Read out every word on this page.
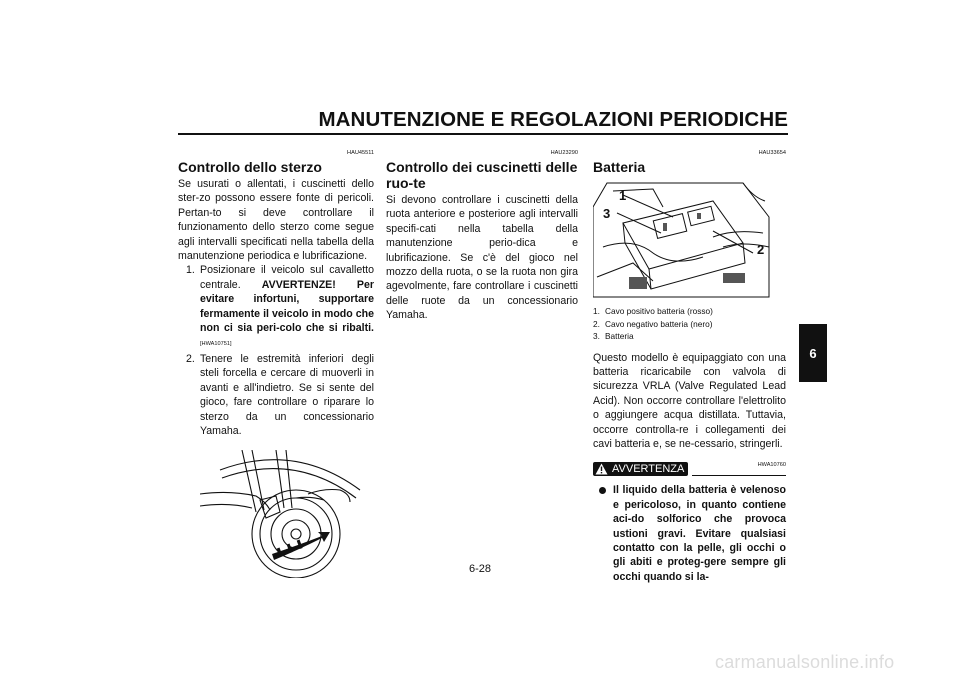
MANUTENZIONE E REGOLAZIONI PERIODICHE
HAU45511
Controllo dello sterzo

Se usurati o allentati, i cuscinetti dello ster-zo possono essere fonte di pericoli. Pertan-to si deve controllare il funzionamento dello sterzo come segue agli intervalli specificati nella tabella della manutenzione periodica e lubrificazione.

1. Posizionare il veicolo sul cavalletto centrale. AVVERTENZE! Per evitare infortuni, supportare fermamente il veicolo in modo che non ci sia peri-colo che si ribalti. [HWA10751]
2. Tenere le estremità inferiori degli steli forcella e cercare di muoverli in avanti e all'indietro. Se si sente del gioco, fare controllare o riparare lo sterzo da un concessionario Yamaha.
HAU23290
Controllo dei cuscinetti delle ruo-te

Si devono controllare i cuscinetti della ruota anteriore e posteriore agli intervalli specifi-cati nella tabella della manutenzione perio-dica e lubrificazione. Se c'è del gioco nel mozzo della ruota, o se la ruota non gira agevolmente, fare controllare i cuscinetti delle ruote da un concessionario Yamaha.

HAU33654
Batteria
1
2
3
1. Cavo positivo batteria (rosso)
2. Cavo negativo batteria (nero)
3. Batteria

Questo modello è equipaggiato con una batteria ricaricabile con valvola di sicurezza VRLA (Valve Regulated Lead Acid). Non occorre controllare l'elettrolito o aggiungere acqua distillata. Tuttavia, occorre controlla-re i collegamenti dei cavi batteria e, se ne-cessario, stringerli.

AVVERTENZA	HWA10760
Il liquido della batteria è velenoso e pericoloso, in quanto contiene aci-do solforico che provoca ustioni gravi. Evitare qualsiasi contatto con la pelle, gli occhi o gli abiti e proteg-gere sempre gli occhi quando si la-
6
6-28
carmanualsonline.info
